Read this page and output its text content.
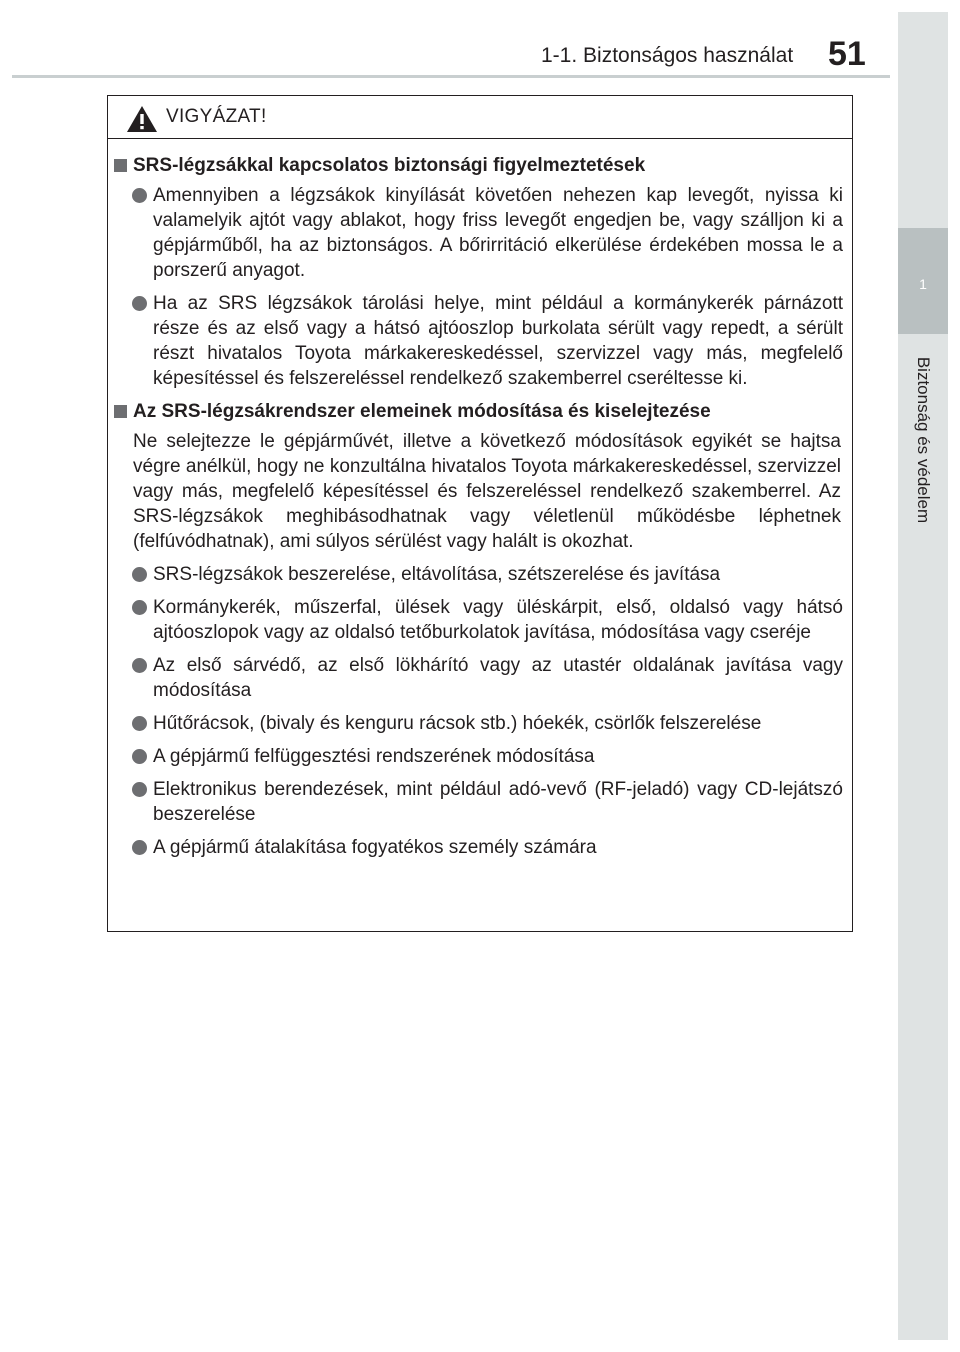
1-1. Biztonságos használat 51
1
Biztonság és védelem
VIGYÁZAT!
SRS-légzsákkal kapcsolatos biztonsági figyelmeztetések
Amennyiben a légzsákok kinyílását követően nehezen kap levegőt, nyissa ki valamelyik ajtót vagy ablakot, hogy friss levegőt engedjen be, vagy szálljon ki a gépjárműből, ha az biztonságos. A bőrirritáció elkerülése érdekében mossa le a porszerű anyagot.
Ha az SRS légzsákok tárolási helye, mint például a kormánykerék párnázott része és az első vagy a hátsó ajtóoszlop burkolata sérült vagy repedt, a sérült részt hivatalos Toyota márkakereskedéssel, szervizzel vagy más, megfelelő képesítéssel és felszereléssel rendelkező szakemberrel cseréltesse ki.
Az SRS-légzsákrendszer elemeinek módosítása és kiselejtezése
Ne selejtezze le gépjárművét, illetve a következő módosítások egyikét se hajtsa végre anélkül, hogy ne konzultálna hivatalos Toyota márkakereskedéssel, szervizzel vagy más, megfelelő képesítéssel és felszereléssel rendelkező szakemberrel. Az SRS-légzsákok meghibásodhatnak vagy véletlenül működésbe léphetnek (felfúvódhatnak), ami súlyos sérülést vagy halált is okozhat.
SRS-légzsákok beszerelése, eltávolítása, szétszerelése és javítása
Kormánykerék, műszerfal, ülések vagy üléskárpit, első, oldalsó vagy hátsó ajtóoszlopok vagy az oldalsó tetőburkolatok javítása, módosítása vagy cseréje
Az első sárvédő, az első lökhárító vagy az utastér oldalának javítása vagy módosítása
Hűtőrácsok, (bivaly és kenguru rácsok stb.) hóekék, csörlők felszerelése
A gépjármű felfüggesztési rendszerének módosítása
Elektronikus berendezések, mint például adó-vevő (RF-jeladó) vagy CD-lejátszó beszerelése
A gépjármű átalakítása fogyatékos személy számára
